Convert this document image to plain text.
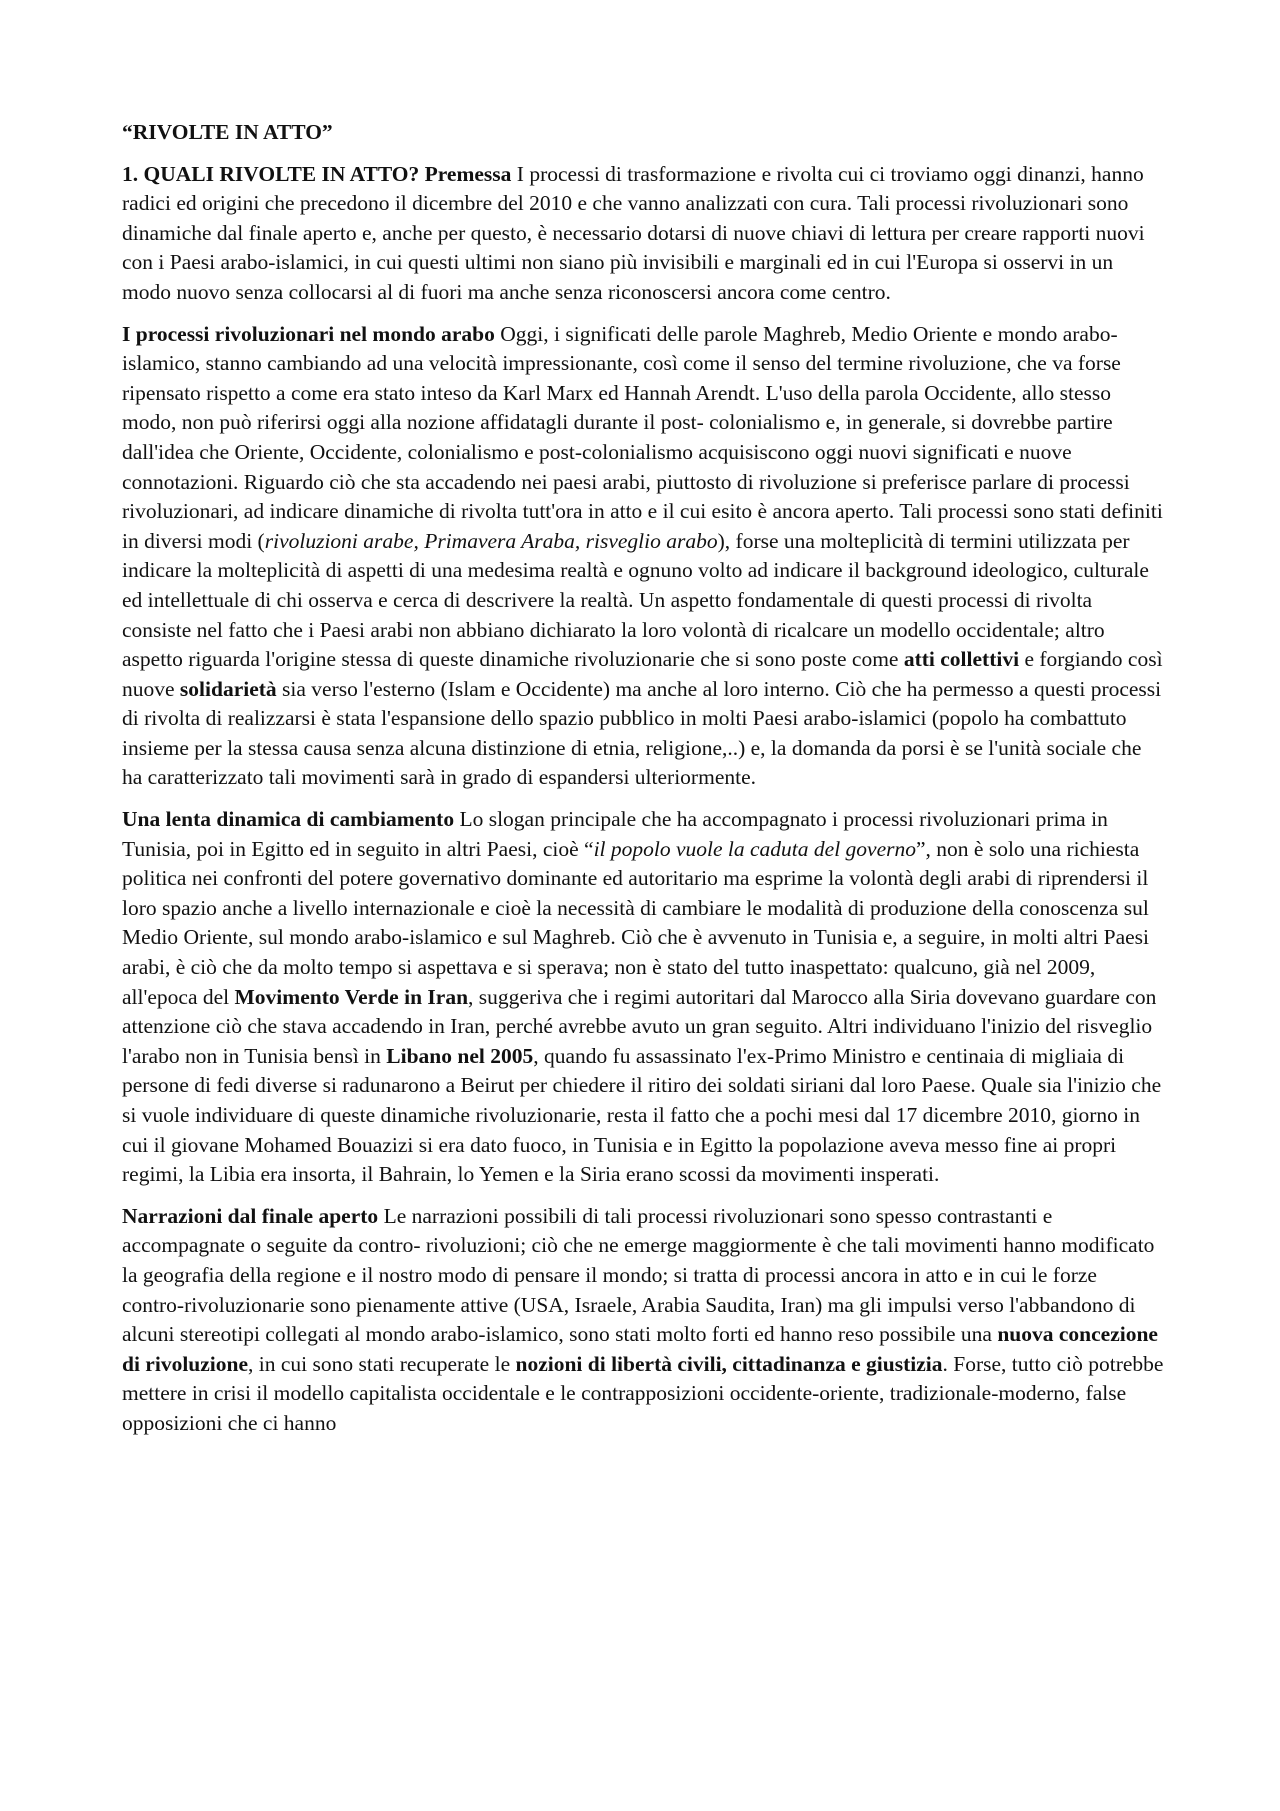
“RIVOLTE IN ATTO”

1. QUALI RIVOLTE IN ATTO? Premessa I processi di trasformazione e rivolta cui ci troviamo oggi dinanzi, hanno radici ed origini che precedono il dicembre del 2010 e che vanno analizzati con cura. Tali processi rivoluzionari sono dinamiche dal finale aperto e, anche per questo, è necessario dotarsi di nuove chiavi di lettura per creare rapporti nuovi con i Paesi arabo-islamici, in cui questi ultimi non siano più invisibili e marginali ed in cui l'Europa si osservi in un modo nuovo senza collocarsi al di fuori ma anche senza riconoscersi ancora come centro.

I processi rivoluzionari nel mondo arabo Oggi, i significati delle parole Maghreb, Medio Oriente e mondo arabo-islamico, stanno cambiando ad una velocità impressionante, così come il senso del termine rivoluzione, che va forse ripensato rispetto a come era stato inteso da Karl Marx ed Hannah Arendt. L'uso della parola Occidente, allo stesso modo, non può riferirsi oggi alla nozione affidatagli durante il post- colonialismo e, in generale, si dovrebbe partire dall'idea che Oriente, Occidente, colonialismo e post-colonialismo acquisiscono oggi nuovi significati e nuove connotazioni. Riguardo ciò che sta accadendo nei paesi arabi, piuttosto di rivoluzione si preferisce parlare di processi rivoluzionari, ad indicare dinamiche di rivolta tutt'ora in atto e il cui esito è ancora aperto. Tali processi sono stati definiti in diversi modi (rivoluzioni arabe, Primavera Araba, risveglio arabo), forse una molteplicità di termini utilizzata per indicare la molteplicità di aspetti di una medesima realtà e ognuno volto ad indicare il background ideologico, culturale ed intellettuale di chi osserva e cerca di descrivere la realtà. Un aspetto fondamentale di questi processi di rivolta consiste nel fatto che i Paesi arabi non abbiano dichiarato la loro volontà di ricalcare un modello occidentale; altro aspetto riguarda l'origine stessa di queste dinamiche rivoluzionarie che si sono poste come atti collettivi e forgiando così nuove solidarietà sia verso l'esterno (Islam e Occidente) ma anche al loro interno. Ciò che ha permesso a questi processi di rivolta di realizzarsi è stata l'espansione dello spazio pubblico in molti Paesi arabo-islamici (popolo ha combattuto insieme per la stessa causa senza alcuna distinzione di etnia, religione,..) e, la domanda da porsi è se l'unità sociale che ha caratterizzato tali movimenti sarà in grado di espandersi ulteriormente.

Una lenta dinamica di cambiamento Lo slogan principale che ha accompagnato i processi rivoluzionari prima in Tunisia, poi in Egitto ed in seguito in altri Paesi, cioè “il popolo vuole la caduta del governo”, non è solo una richiesta politica nei confronti del potere governativo dominante ed autoritario ma esprime la volontà degli arabi di riprendersi il loro spazio anche a livello internazionale e cioè la necessità di cambiare le modalità di produzione della conoscenza sul Medio Oriente, sul mondo arabo-islamico e sul Maghreb. Ciò che è avvenuto in Tunisia e, a seguire, in molti altri Paesi arabi, è ciò che da molto tempo si aspettava e si sperava; non è stato del tutto inaspettato: qualcuno, già nel 2009, all'epoca del Movimento Verde in Iran, suggeriva che i regimi autoritari dal Marocco alla Siria dovevano guardare con attenzione ciò che stava accadendo in Iran, perché avrebbe avuto un gran seguito. Altri individuano l'inizio del risveglio l'arabo non in Tunisia bensì in Libano nel 2005, quando fu assassinato l'ex-Primo Ministro e centinaia di migliaia di persone di fedi diverse si radunarono a Beirut per chiedere il ritiro dei soldati siriani dal loro Paese. Quale sia l'inizio che si vuole individuare di queste dinamiche rivoluzionarie, resta il fatto che a pochi mesi dal 17 dicembre 2010, giorno in cui il giovane Mohamed Bouazizi si era dato fuoco, in Tunisia e in Egitto la popolazione aveva messo fine ai propri regimi, la Libia era insorta, il Bahrain, lo Yemen e la Siria erano scossi da movimenti insperati.

Narrazioni dal finale aperto Le narrazioni possibili di tali processi rivoluzionari sono spesso contrastanti e accompagnate o seguite da contro- rivoluzioni; ciò che ne emerge maggiormente è che tali movimenti hanno modificato la geografia della regione e il nostro modo di pensare il mondo; si tratta di processi ancora in atto e in cui le forze contro-rivoluzionarie sono pienamente attive (USA, Israele, Arabia Saudita, Iran) ma gli impulsi verso l'abbandono di alcuni stereotipi collegati al mondo arabo-islamico, sono stati molto forti ed hanno reso possibile una nuova concezione di rivoluzione, in cui sono stati recuperate le nozioni di libertà civili, cittadinanza e giustizia. Forse, tutto ciò potrebbe mettere in crisi il modello capitalista occidentale e le contrapposizioni occidente-oriente, tradizionale-moderno, false opposizioni che ci hanno
